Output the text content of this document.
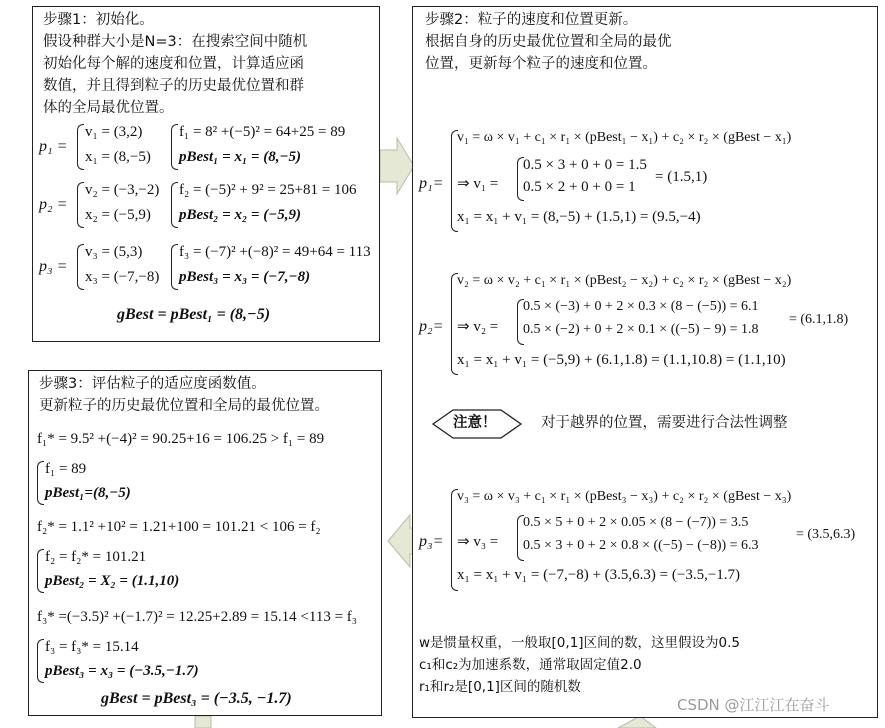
步骤1：初始化。
假设种群大小是N=3：在搜索空间中随机
初始化每个解的速度和位置，计算适应函
数值，并且得到粒子的历史最优位置和群
体的全局最优位置。
p₁ =
v₁ = (3,2)
x₁ = (8,−5)
f₁ = 8² +(−5)² = 64+25 = 89
pBest₁ = x₁ = (8,−5)
p₂ =
v₂ = (−3,−2)
x₂ = (−5,9)
f₂ = (−5)² + 9² = 25+81 = 106
pBest₂ = x₂ = (−5,9)
p₃ =
v₃ = (5,3)
x₃ = (−7,−8)
f₃ = (−7)² +(−8)² = 49+64 = 113
pBest₃ = x₃ = (−7,−8)
gBest = pBest₁ = (8,−5)
步骤2：粒子的速度和位置更新。
根据自身的历史最优位置和全局的最优
位置，更新每个粒子的速度和位置。
p₁=
v₁ = ω × v₁ + c₁ × r₁ × (pBest₁ − x₁) + c₂ × r₂ × (gBest − x₁)
⇒ v₁ =
0.5 × 3 + 0 + 0 = 1.5
0.5 × 2 + 0 + 0 = 1
= (1.5,1)
x₁ = x₁ + v₁ = (8,−5) + (1.5,1) = (9.5,−4)
p₂=
v₂ = ω × v₂ + c₁ × r₁ × (pBest₂ − x₂) + c₂ × r₂ × (gBest − x₂)
⇒ v₂ =
0.5 × (−3) + 0 + 2 × 0.3 × (8 − (−5)) = 6.1
0.5 × (−2) + 0 + 2 × 0.1 × ((−5) − 9) = 1.8
= (6.1,1.8)
x₁ = x₁ + v₁ = (−5,9) + (6.1,1.8) = (1.1,10.8) = (1.1,10)
注意！	对于越界的位置，需要进行合法性调整
p₃=
v₃ = ω × v₃ + c₁ × r₁ × (pBest₃ − x₃) + c₂ × r₂ × (gBest − x₃)
⇒ v₃ =
0.5 × 5 + 0 + 2 × 0.05 × (8 − (−7)) = 3.5
0.5 × 3 + 0 + 2 × 0.8 × ((−5) − (−8)) = 6.3
= (3.5,6.3)
x₁ = x₁ + v₁ = (−7,−8) + (3.5,6.3) = (−3.5,−1.7)
w是惯量权重，一般取[0,1]区间的数，这里假设为0.5
c₁和c₂为加速系数，通常取固定值2.0
r₁和r₂是[0,1]区间的随机数
CSDN @江江江在奋斗
步骤3：评估粒子的适应度函数值。
更新粒子的历史最优位置和全局的最优位置。
f₁* = 9.5² +(−4)² = 90.25+16 = 106.25 > f₁ = 89
f₁ = 89
pBest₁=(8,−5)
f₂* = 1.1² +10² = 1.21+100 = 101.21 < 106 = f₂
f₂ = f₂* = 101.21
pBest₂ = X₂ = (1.1,10)
f₃* =(−3.5)² +(−1.7)² = 12.25+2.89 = 15.14 <113 = f₃
f₃ = f₃* = 15.14
pBest₃ = x₃ = (−3.5,−1.7)
gBest = pBest₃ = (−3.5, −1.7)
